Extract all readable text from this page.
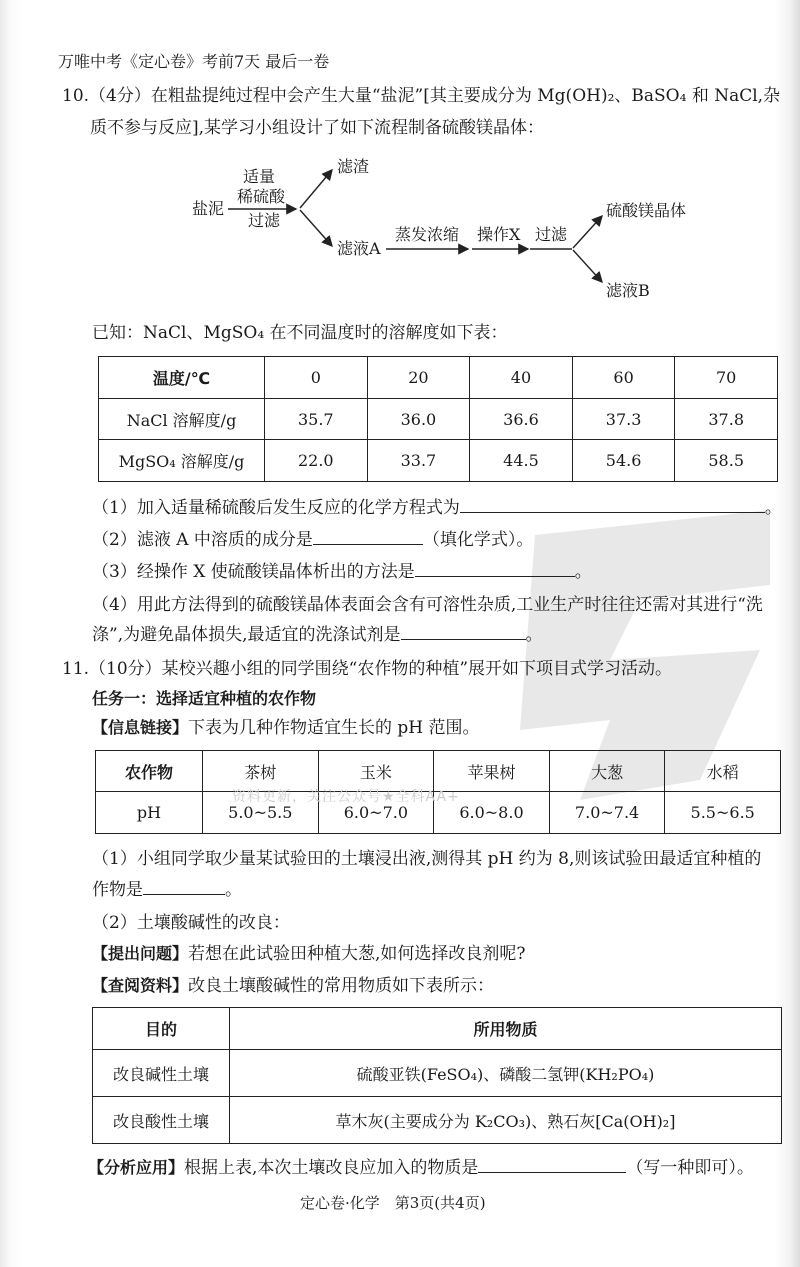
万唯中考《定心卷》考前7天 最后一卷

10.（4分）在粗盐提纯过程中会产生大量“盐泥”[其主要成分为 Mg(OH)₂、BaSO₄ 和 NaCl,杂

质不参与反应],某学习小组设计了如下流程制备硫酸镁晶体：

盐泥
适量
稀硫酸
过滤
滤渣
滤液A
蒸发浓缩 操作X 过滤
硫酸镁晶体
滤液B

已知：NaCl、MgSO₄ 在不同温度时的溶解度如下表：

温度/℃	0	20	40	60	70
NaCl 溶解度/g	35.7	36.0	36.6	37.3	37.8
MgSO₄ 溶解度/g	22.0	33.7	44.5	54.6	58.5

（1）加入适量稀硫酸后发生反应的化学方程式为	。

（2）滤液 A 中溶质的成分是	（填化学式）。

（3）经操作 X 使硫酸镁晶体析出的方法是	。

（4）用此方法得到的硫酸镁晶体表面会含有可溶性杂质,工业生产时往往还需对其进行“洗

涤”,为避免晶体损失,最适宜的洗涤试剂是	。

11.（10分）某校兴趣小组的同学围绕“农作物的种植”展开如下项目式学习活动。

任务一：选择适宜种植的农作物

【信息链接】下表为几种作物适宜生长的 pH 范围。

农作物	茶树	玉米	苹果树	大葱	水稻
pH	5.0~5.5	6.0~7.0	6.0~8.0	7.0~7.4	5.5~6.5
资料更新，关注公众号★全科AA+

（1）小组同学取少量某试验田的土壤浸出液,测得其 pH 约为 8,则该试验田最适宜种植的

作物是	。

（2）土壤酸碱性的改良：

【提出问题】若想在此试验田种植大葱,如何选择改良剂呢?

【查阅资料】改良土壤酸碱性的常用物质如下表所示：

目的	所用物质
改良碱性土壤	硫酸亚铁(FeSO₄)、磷酸二氢钾(KH₂PO₄)
改良酸性土壤	草木灰(主要成分为 K₂CO₃)、熟石灰[Ca(OH)₂]

【分析应用】根据上表,本次土壤改良应加入的物质是	（写一种即可）。

定心卷·化学　第3页(共4页)
